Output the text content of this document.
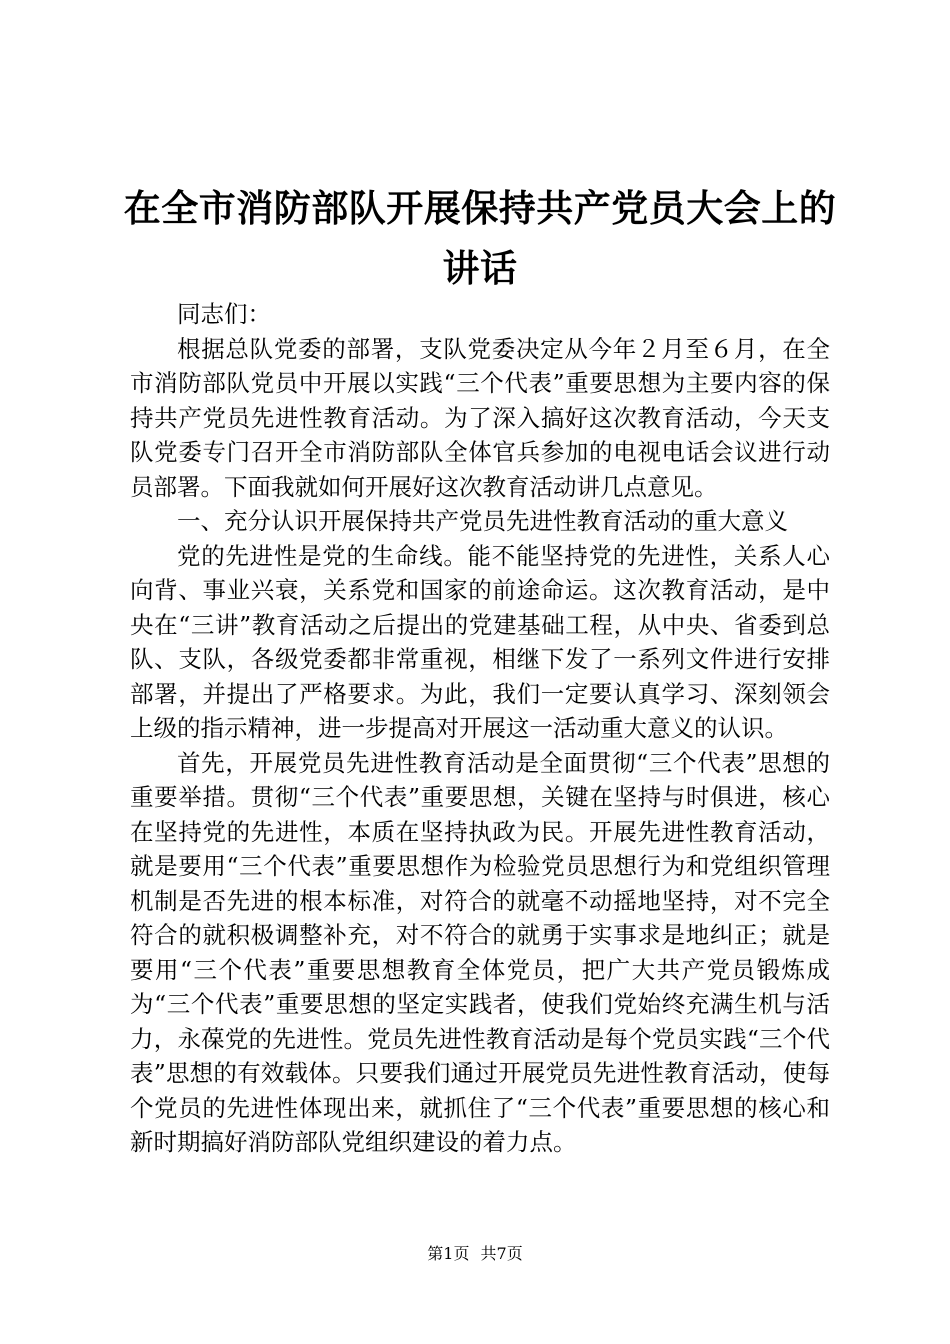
在全市消防部队开展保持共产党员大会上的讲话

同志们：

根据总队党委的部署，支队党委决定从今年２月至６月，在全市消防部队党员中开展以实践“三个代表”重要思想为主要内容的保持共产党员先进性教育活动。为了深入搞好这次教育活动，今天支队党委专门召开全市消防部队全体官兵参加的电视电话会议进行动员部署。下面我就如何开展好这次教育活动讲几点意见。

一、充分认识开展保持共产党员先进性教育活动的重大意义

党的先进性是党的生命线。能不能坚持党的先进性，关系人心向背、事业兴衰，关系党和国家的前途命运。这次教育活动，是中央在“三讲”教育活动之后提出的党建基础工程，从中央、省委到总队、支队，各级党委都非常重视，相继下发了一系列文件进行安排部署，并提出了严格要求。为此，我们一定要认真学习、深刻领会上级的指示精神，进一步提高对开展这一活动重大意义的认识。

首先，开展党员先进性教育活动是全面贯彻“三个代表”思想的重要举措。贯彻“三个代表”重要思想，关键在坚持与时俱进，核心在坚持党的先进性，本质在坚持执政为民。开展先进性教育活动，就是要用“三个代表”重要思想作为检验党员思想行为和党组织管理机制是否先进的根本标准，对符合的就毫不动摇地坚持，对不完全符合的就积极调整补充，对不符合的就勇于实事求是地纠正；就是要用“三个代表”重要思想教育全体党员，把广大共产党员锻炼成为“三个代表”重要思想的坚定实践者，使我们党始终充满生机与活力，永葆党的先进性。党员先进性教育活动是每个党员实践“三个代表”思想的有效载体。只要我们通过开展党员先进性教育活动，使每个党员的先进性体现出来，就抓住了“三个代表”重要思想的核心和新时期搞好消防部队党组织建设的着力点。

第1页 共7页
